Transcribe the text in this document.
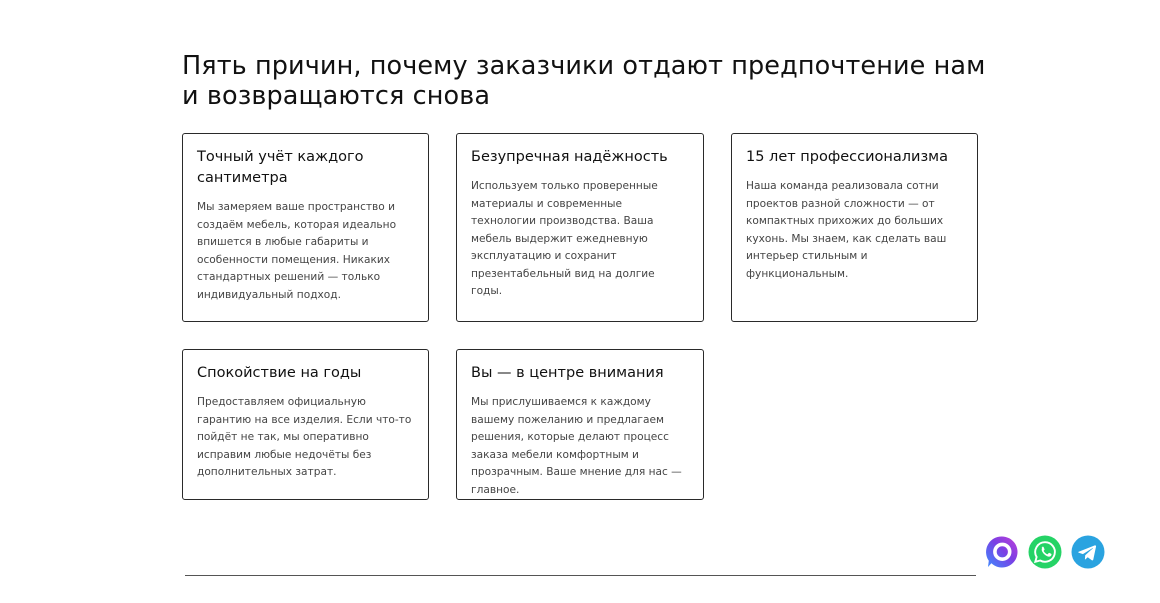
Пять причин, почему заказчики отдают предпочтение нам и возвращаются снова
Точный учёт каждого сантиметра

Мы замеряем ваше пространство и создаём мебель, которая идеально впишется в любые габариты и особенности помещения. Никаких стандартных решений — только индивидуальный подход.

Безупречная надёжность

Используем только проверенные материалы и современные технологии производства. Ваша мебель выдержит ежедневную эксплуатацию и сохранит презентабельный вид на долгие годы.

15 лет профессионализма

Наша команда реализовала сотни проектов разной сложности — от компактных прихожих до больших кухонь. Мы знаем, как сделать ваш интерьер стильным и функциональным.

Спокойствие на годы

Предоставляем официальную гарантию на все изделия. Если что-то пойдёт не так, мы оперативно исправим любые недочёты без дополнительных затрат.

Вы — в центре внимания

Мы прислушиваемся к каждому вашему пожеланию и предлагаем решения, которые делают процесс заказа мебели комфортным и прозрачным. Ваше мнение для нас — главное.
